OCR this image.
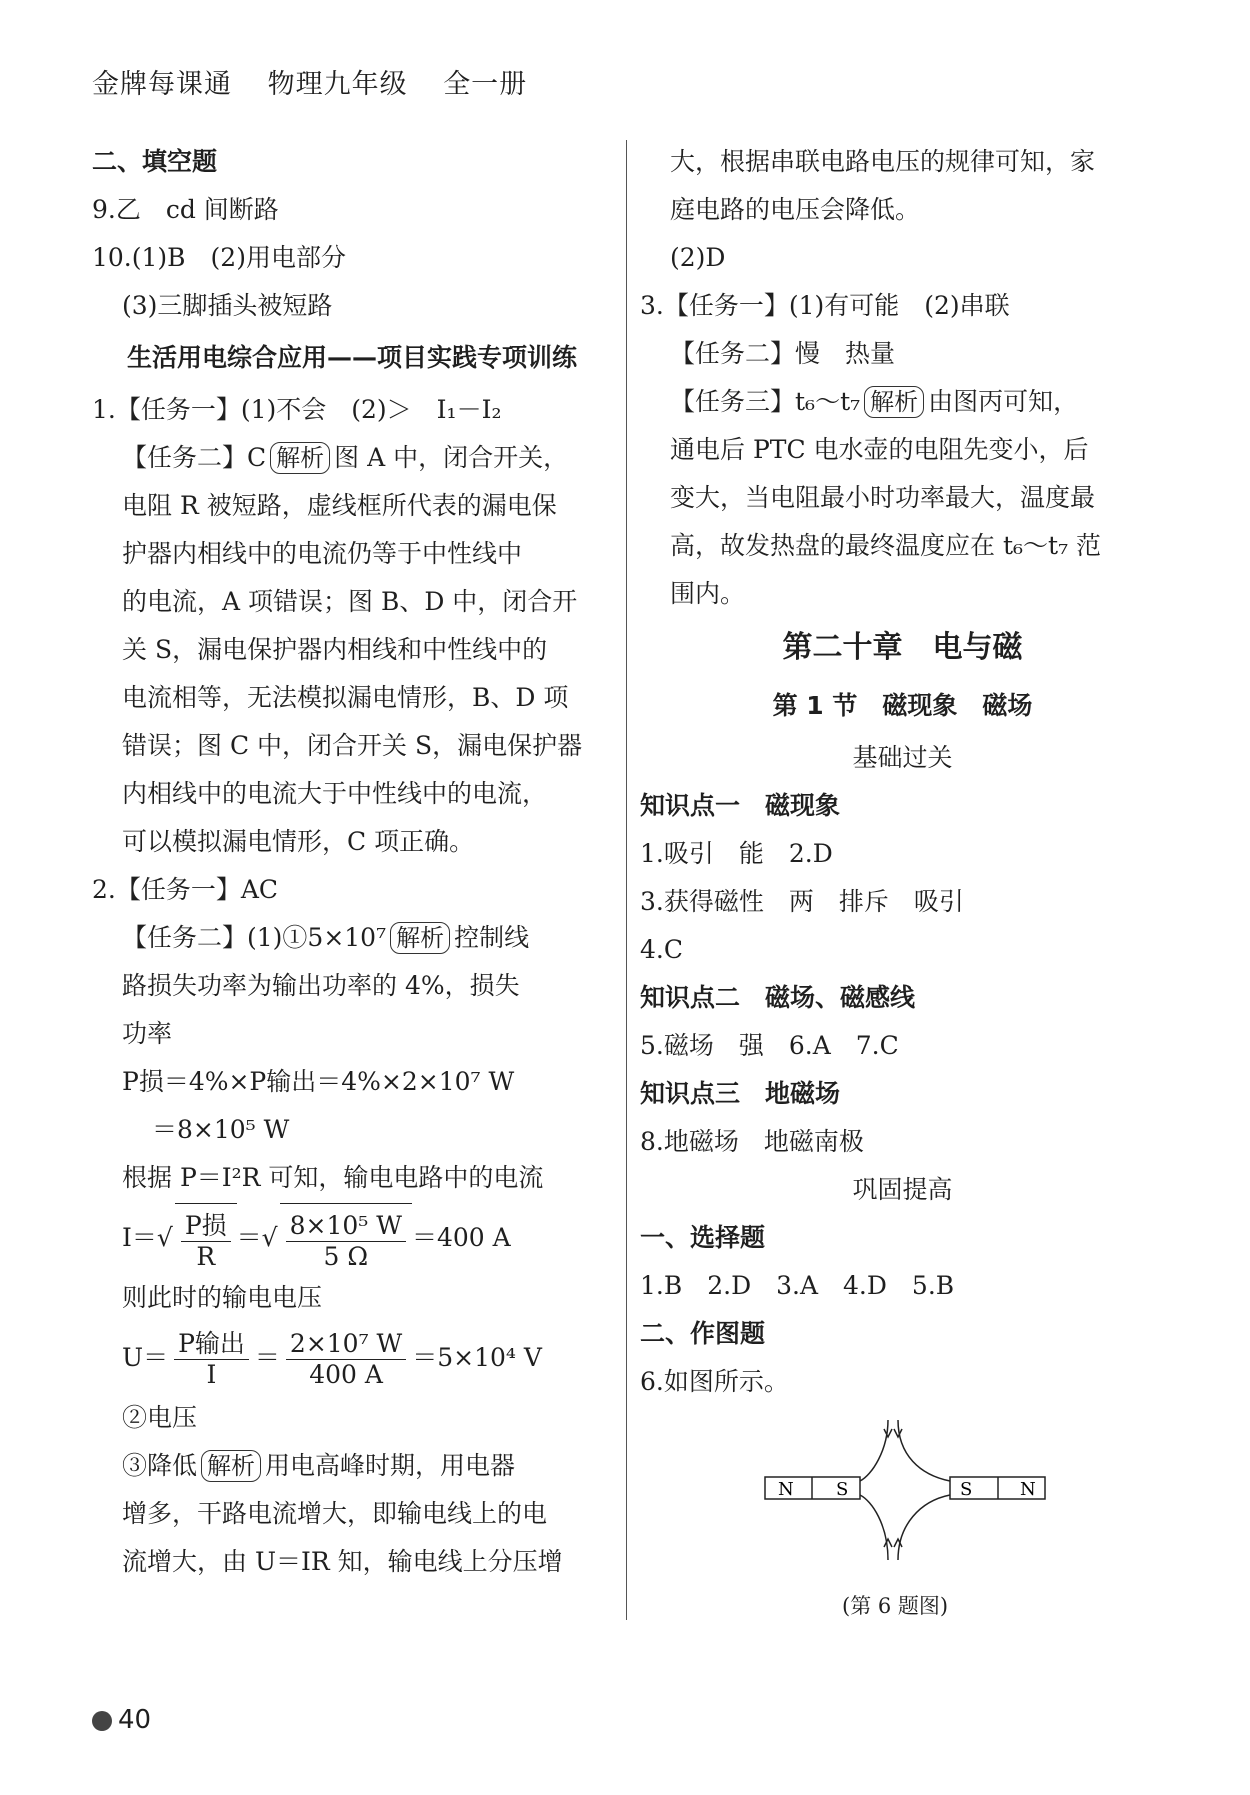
金牌每课通 物理九年级 全一册
二、填空题
9.乙　cd 间断路
10.(1)B　(2)用电部分
(3)三脚插头被短路
生活用电综合应用——项目实践专项训练
1.【任务一】(1)不会　(2)＞　I₁－I₂
【任务二】C 解析 图 A 中，闭合开关，
电阻 R 被短路，虚线框所代表的漏电保
护器内相线中的电流仍等于中性线中
的电流，A 项错误；图 B、D 中，闭合开
关 S，漏电保护器内相线和中性线中的
电流相等，无法模拟漏电情形，B、D 项
错误；图 C 中，闭合开关 S，漏电保护器
内相线中的电流大于中性线中的电流，
可以模拟漏电情形，C 项正确。
2.【任务一】AC
【任务二】(1)①5×10⁷ 解析 控制线
路损失功率为输出功率的 4%，损失
功率
P损＝4%×P输出＝4%×2×10⁷ W
＝8×10⁵ W
根据 P＝I²R 可知，输电电路中的电流
$I=√ \frac{\text{P损}}{R}$ ＝√ $\frac{\text{8×10⁵ W}}{5 \Omega} =400$ A
则此时的输电电压
$U= \frac{\text{P输出}}{I} = \frac{\text{2×10⁷ W}}{400 A} =5\times 10^4$ V
②电压
③降低 解析 用电高峰时期，用电器
增多，干路电流增大，即输电线上的电
流增大，由 U＝IR 知，输电线上分压增
大，根据串联电路电压的规律可知，家
庭电路的电压会降低。
(2)D
3.【任务一】(1)有可能　(2)串联
【任务二】慢　热量
【任务三】t₆～t₇ 解析 由图丙可知，
通电后 PTC 电水壶的电阻先变小，后
变大，当电阻最小时功率最大，温度最
高，故发热盘的最终温度应在 t₆～t₇ 范
围内。
第二十章　电与磁
第 1 节　磁现象　磁场
基础过关
知识点一　磁现象
1.吸引　能　2.D
3.获得磁性　两　排斥　吸引
4.C
知识点二　磁场、磁感线
5.磁场　强　6.A　7.C
知识点三　地磁场
8.地磁场　地磁南极
巩固提高
一、选择题
1.B　2.D　3.A　4.D　5.B
二、作图题
6.如图所示。
N S	S	N
(第 6 题图)
40
